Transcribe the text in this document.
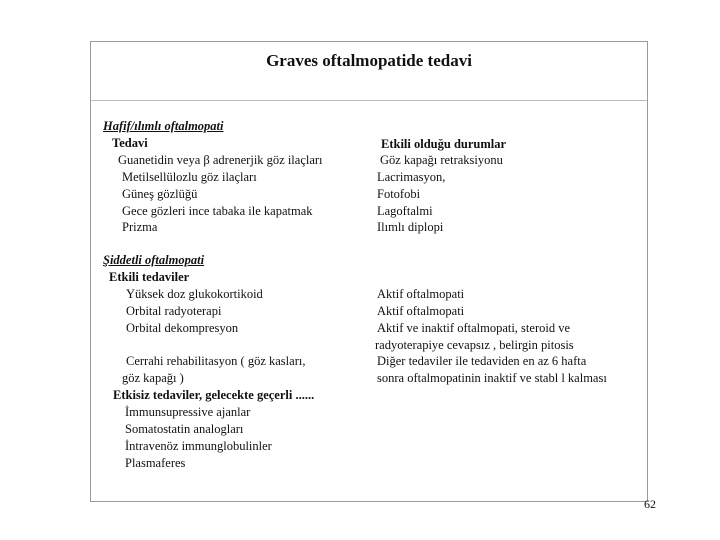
Graves oftalmopatide tedavi
Hafif/ılımlı oftalmopati
Tedavi	Etkili olduğu durumlar
Guanetidin veya β adrenerjik göz ilaçları
Metilsellülozlu göz ilaçları
Güneş gözlüğü
Gece gözleri ince tabaka ile kapatmak
Prizma
Göz kapağı retraksiyonu
Lacrimasyon,
Fotofobi
Lagoftalmi
Ilımlı diplopi
Şiddetli oftalmopati
Etkili tedaviler
Yüksek doz glukokortikoid
Orbital radyoterapi
Orbital dekompresyon
Cerrahi rehabilitasyon ( göz kasları,
göz kapağı )
Aktif oftalmopati
Aktif oftalmopati
Aktif ve inaktif oftalmopati, steroid ve
radyoterapiye cevapsız , belirgin pitosis
Diğer tedaviler ile tedaviden en az 6 hafta
sonra oftalmopatinin inaktif ve stabl l kalması
Etkisiz tedaviler, gelecekte geçerli ......
İmmunsupressive ajanlar
Somatostatin analogları
İntravenöz immunglobulinler
Plasmaferes
62
